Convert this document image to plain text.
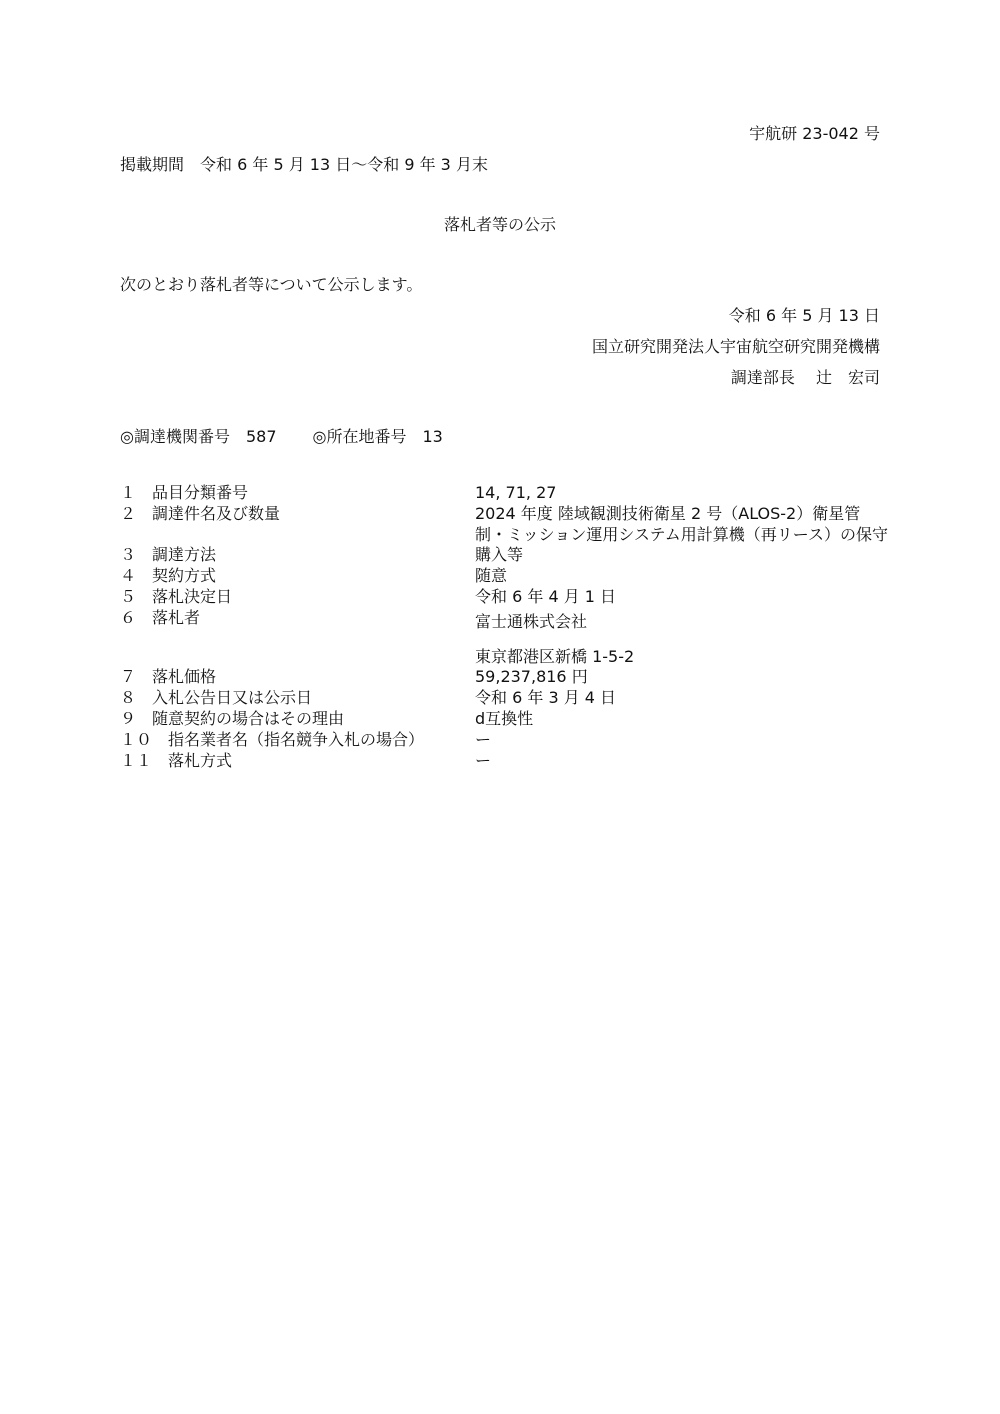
宇航研 23-042 号
掲載期間　令和 6 年 5 月 13 日～令和 9 年 3 月末
落札者等の公示
次のとおり落札者等について公示します。
令和 6 年 5 月 13 日
国立研究開発法人宇宙航空研究開発機構
調達部長　 辻　宏司
◎調達機関番号　587 ◎所在地番号　13
１　品目分類番号	14, 71, 27
２　調達件名及び数量	2024 年度 陸域観測技術衛星 2 号（ALOS-2）衛星管
制・ミッション運用システム用計算機（再リース）の保守
３　調達方法	購入等
４　契約方式	随意
５　落札決定日	令和 6 年 4 月 1 日
６　落札者	富士通株式会社
東京都港区新橋 1-5-2
７　落札価格	59,237,816 円
８　入札公告日又は公示日	令和 6 年 3 月 4 日
９　随意契約の場合はその理由	d互換性
１０　指名業者名（指名競争入札の場合）	ー
１１　落札方式	ー
